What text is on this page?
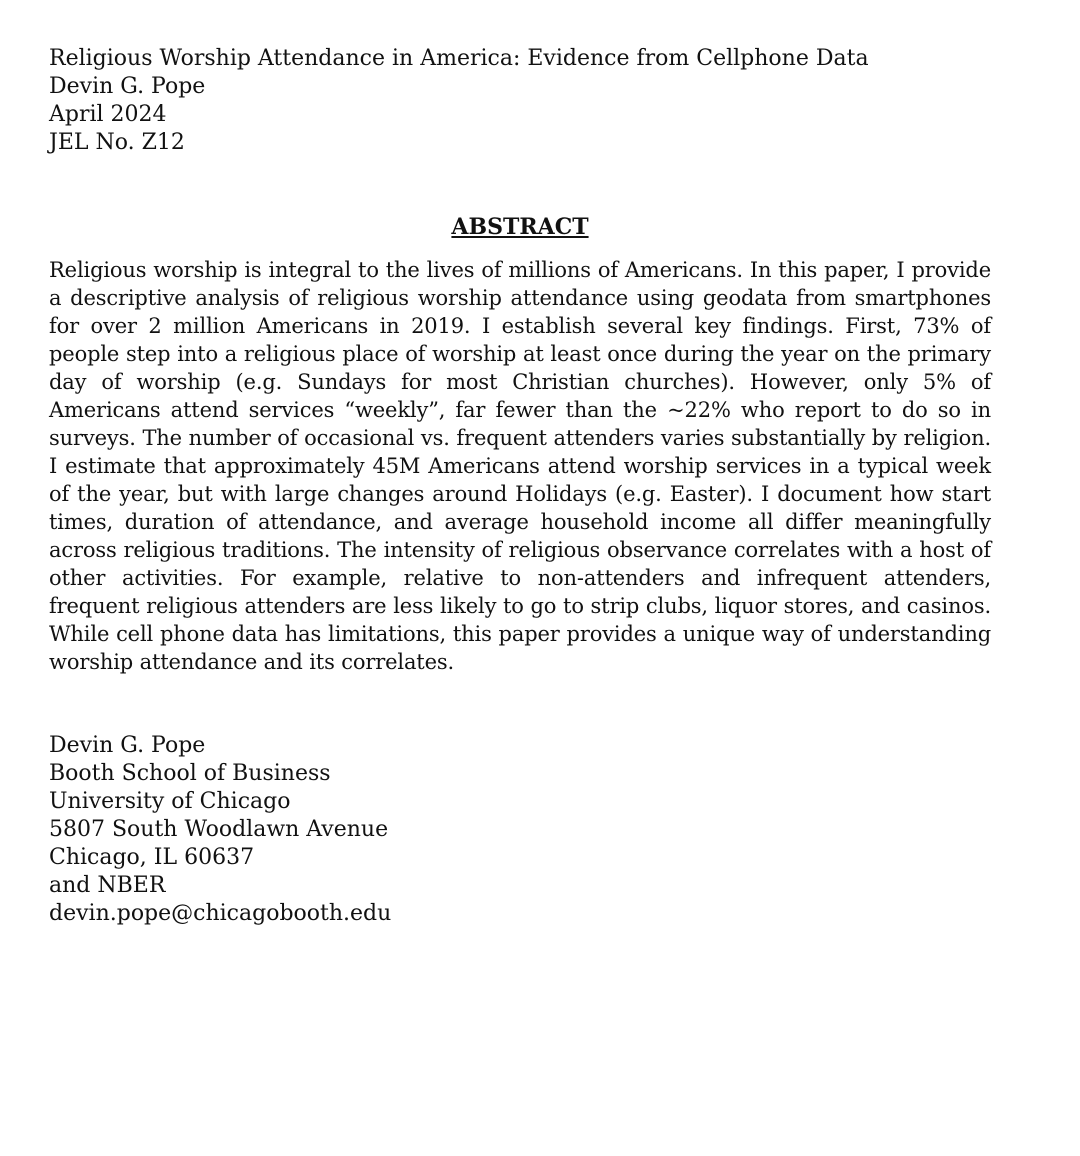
Religious Worship Attendance in America: Evidence from Cellphone Data
Devin G. Pope
April 2024
JEL No. Z12
ABSTRACT
Religious worship is integral to the lives of millions of Americans. In this paper, I provide a descriptive analysis of religious worship attendance using geodata from smartphones for over 2 million Americans in 2019. I establish several key findings. First, 73% of people step into a religious place of worship at least once during the year on the primary day of worship (e.g. Sundays for most Christian churches). However, only 5% of Americans attend services “weekly”, far fewer than the ~22% who report to do so in surveys. The number of occasional vs. frequent attenders varies substantially by religion. I estimate that approximately 45M Americans attend worship services in a typical week of the year, but with large changes around Holidays (e.g. Easter). I document how start times, duration of attendance, and average household income all differ meaningfully across religious traditions. The intensity of religious observance correlates with a host of other activities. For example, relative to non-attenders and infrequent attenders, frequent religious attenders are less likely to go to strip clubs, liquor stores, and casinos. While cell phone data has limitations, this paper provides a unique way of understanding worship attendance and its correlates.
Devin G. Pope
Booth School of Business
University of Chicago
5807 South Woodlawn Avenue
Chicago, IL 60637
and NBER
devin.pope@chicagobooth.edu
